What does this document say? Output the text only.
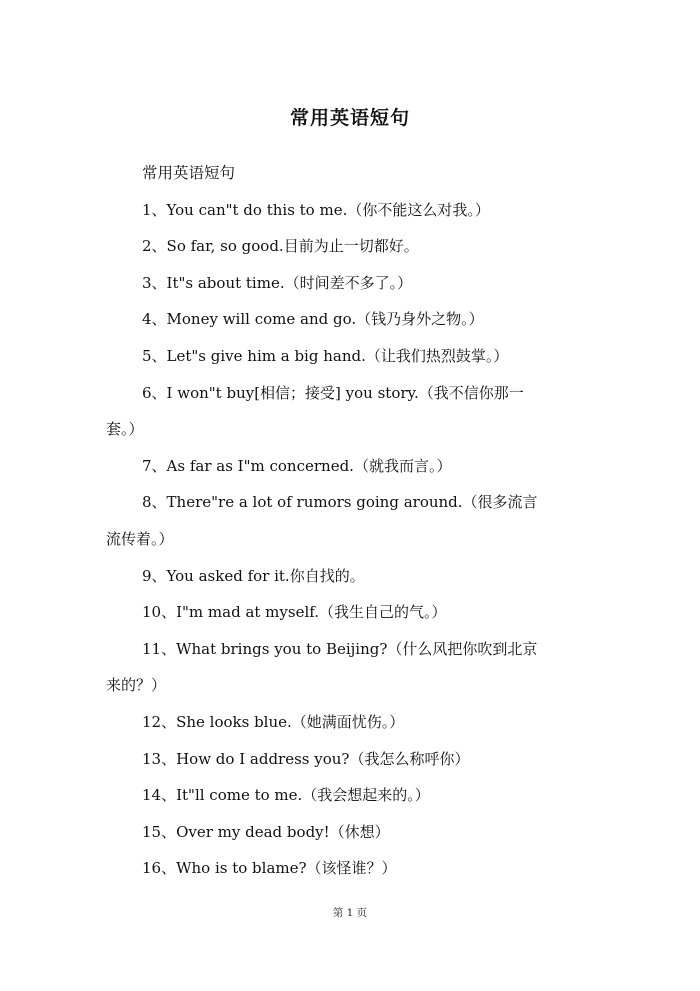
常用英语短句
常用英语短句
1、You can"t do this to me.（你不能这么对我。）
2、So far, so good.目前为止一切都好。
3、It"s about time.（时间差不多了。）
4、Money will come and go.（钱乃身外之物。）
5、Let"s give him a big hand.（让我们热烈鼓掌。）
6、I won"t buy[相信；接受] you story.（我不信你那一
套。）
7、As far as I"m concerned.（就我而言。）
8、There"re a lot of rumors going around.（很多流言
流传着。）
9、You asked for it.你自找的。
10、I"m mad at myself.（我生自己的气。）
11、What brings you to Beijing?（什么风把你吹到北京
来的？）
12、She looks blue.（她满面忧伤。）
13、How do I address you?（我怎么称呼你）
14、It"ll come to me.（我会想起来的。）
15、Over my dead body!（休想）
16、Who is to blame?（该怪谁？）
第 1 页
